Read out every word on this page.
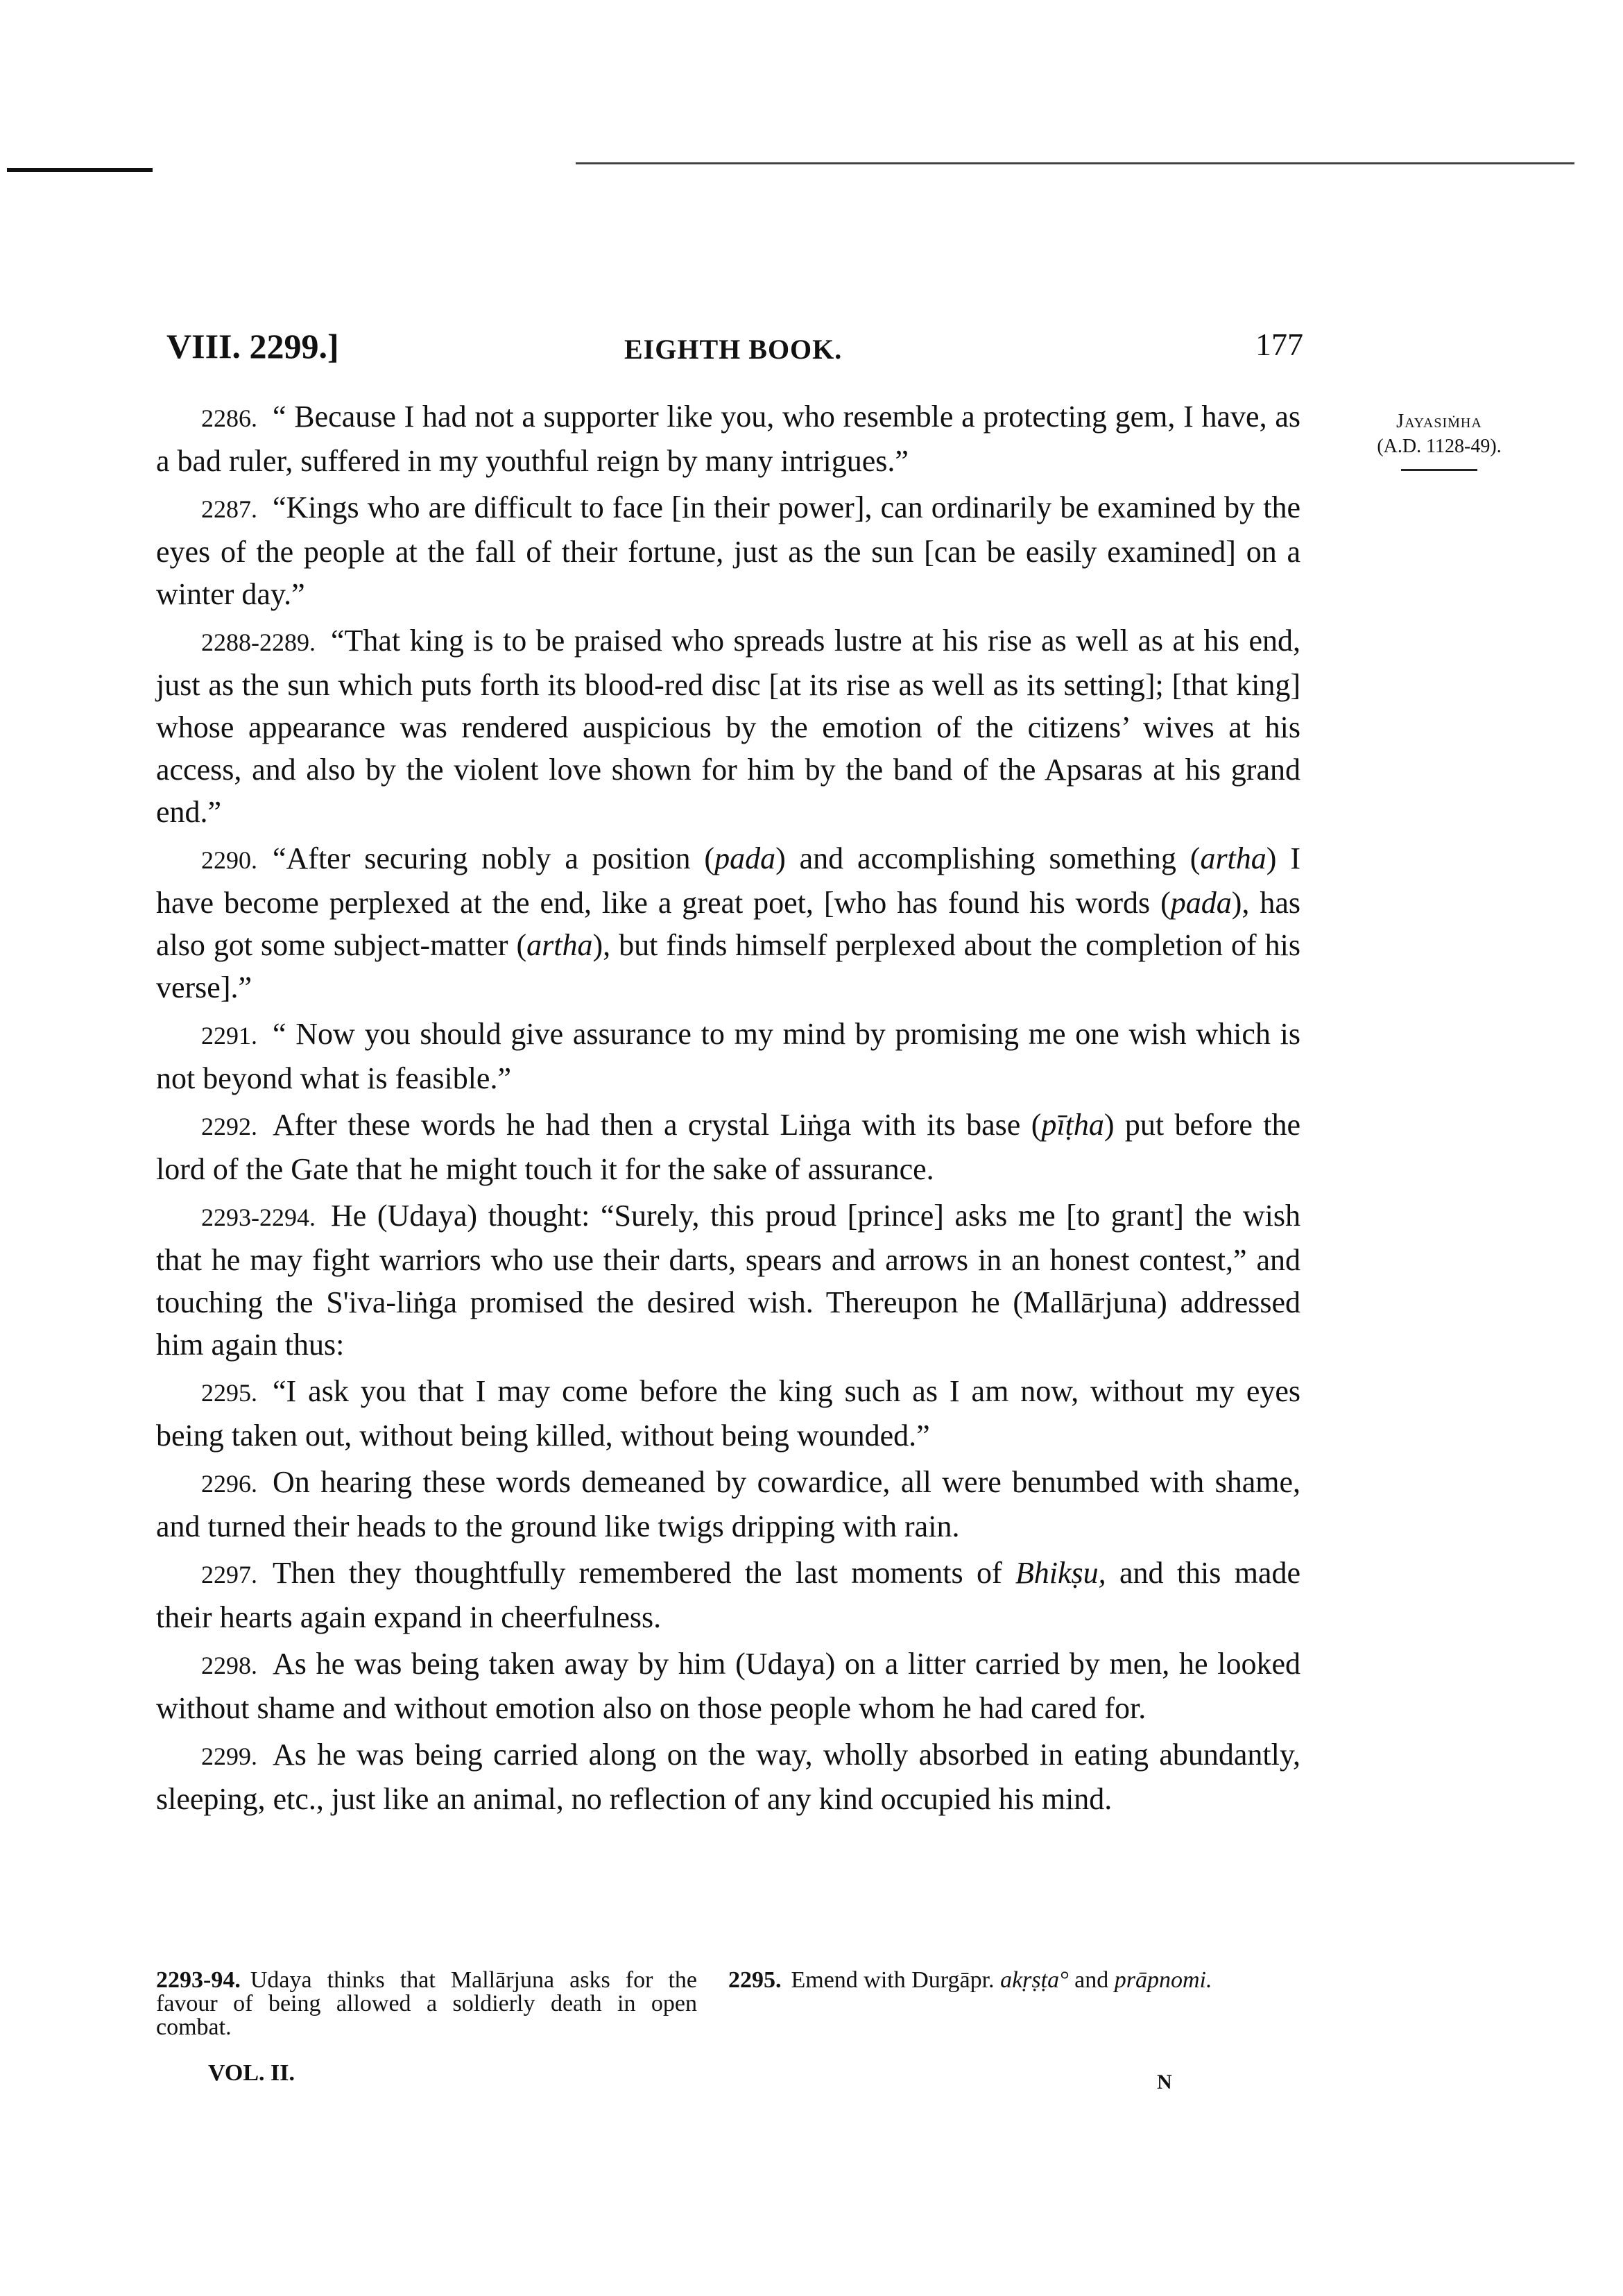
VIII. 2299.]	EIGHTH BOOK.	177
Jayasiṁha
(A.D. 1128-49).

2286. “ Because I had not a supporter like you, who resemble a protecting gem, I have, as a bad ruler, suffered in my youthful reign by many intrigues.”

2287. “Kings who are difficult to face [in their power], can ordinarily be examined by the eyes of the people at the fall of their fortune, just as the sun [can be easily examined] on a winter day.”

2288-2289. “That king is to be praised who spreads lustre at his rise as well as at his end, just as the sun which puts forth its blood-red disc [at its rise as well as its setting]; [that king] whose appearance was rendered auspicious by the emotion of the citizens’ wives at his access, and also by the violent love shown for him by the band of the Apsaras at his grand end.”

2290. “After securing nobly a position (pada) and accomplishing something (artha) I have become perplexed at the end, like a great poet, [who has found his words (pada), has also got some subject-matter (artha), but finds himself perplexed about the completion of his verse].”

2291. “ Now you should give assurance to my mind by promising me one wish which is not beyond what is feasible.”

2292. After these words he had then a crystal Liṅga with its base (pīṭha) put before the lord of the Gate that he might touch it for the sake of assurance.

2293-2294. He (Udaya) thought: “Surely, this proud [prince] asks me [to grant] the wish that he may fight warriors who use their darts, spears and arrows in an honest contest,” and touching the S'iva-liṅga promised the desired wish. Thereupon he (Mallārjuna) addressed him again thus:

2295. “I ask you that I may come before the king such as I am now, without my eyes being taken out, without being killed, without being wounded.”

2296. On hearing these words demeaned by cowardice, all were benumbed with shame, and turned their heads to the ground like twigs dripping with rain.

2297. Then they thoughtfully remembered the last moments of Bhikṣu, and this made their hearts again expand in cheerfulness.

2298. As he was being taken away by him (Udaya) on a litter carried by men, he looked without shame and without emotion also on those people whom he had cared for.

2299. As he was being carried along on the way, wholly absorbed in eating abundantly, sleeping, etc., just like an animal, no reflection of any kind occupied his mind.

2293-94. Udaya thinks that Mallārjuna asks for the favour of being allowed a soldierly death in open combat.
2295. Emend with Durgāpr. akṛṣṭa° and prāpnomi.
VOL. II.	N
